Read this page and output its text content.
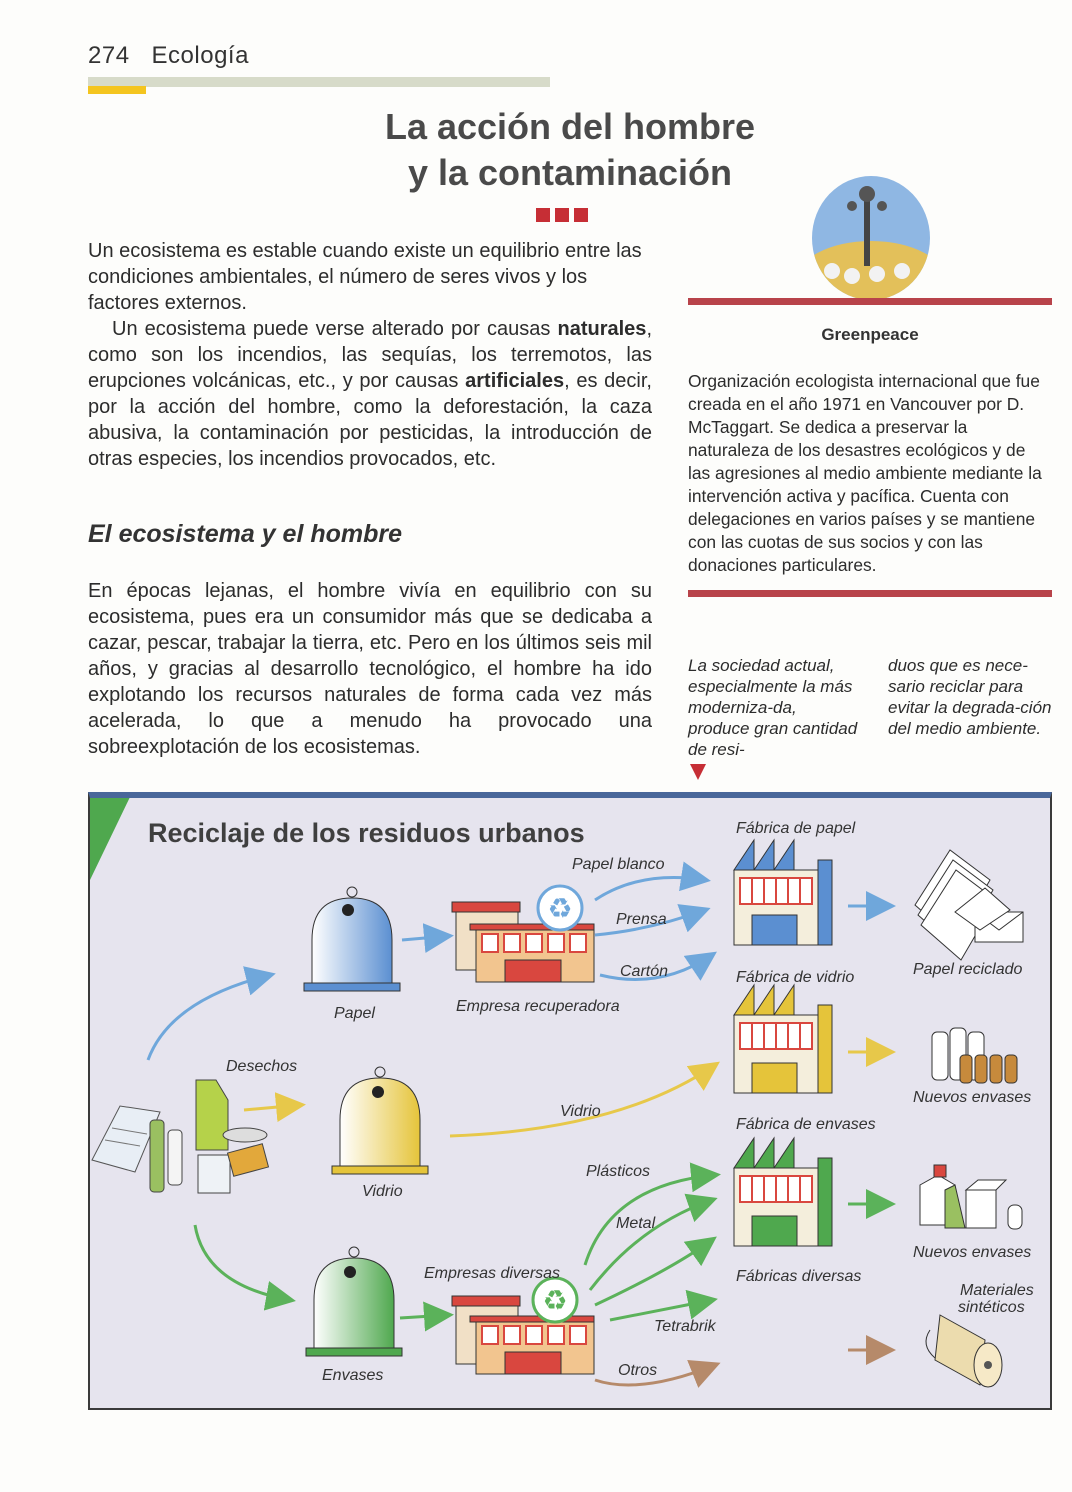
274 Ecología
La acción del hombre
y la contaminación

Un ecosistema es estable cuando existe un equilibrio entre las condiciones ambientales, el número de seres vivos y los factores externos.

Un ecosistema puede verse alterado por causas naturales, como son los incendios, las sequías, los terremotos, las erupciones volcánicas, etc., y por causas artificiales, es decir, por la acción del hombre, como la deforestación, la caza abusiva, la contaminación por pesticidas, la introducción de otras especies, los incendios provocados, etc.

El ecosistema y el hombre

En épocas lejanas, el hombre vivía en equilibrio con su ecosistema, pues era un consumidor más que se dedicaba a cazar, pescar, trabajar la tierra, etc. Pero en los últimos seis mil años, y gracias al desarrollo tecnológico, el hombre ha ido explotando los recursos naturales de forma cada vez más acelerada, lo que a menudo ha provocado una sobreexplotación de los ecosistemas.

Greenpeace
Organización ecologista internacional que fue creada en el año 1971 en Vancouver por D. McTaggart. Se dedica a preservar la naturaleza de los desastres ecológicos y de las agresiones al medio ambiente mediante la intervención activa y pacífica. Cuenta con delegaciones en varios países y se mantiene con las cuotas de sus socios y con las donaciones particulares.
La sociedad actual, especialmente la más moderniza-da, produce gran cantidad de resi-
duos que es nece-sario reciclar para evitar la degrada-ción del medio ambiente.
♻
♻
Reciclaje de los residuos urbanos
Desechos
Papel
Vidrio
Envases
Empresa recuperadora
Empresas diversas
Papel blanco
Prensa
Cartón
Vidrio
Plásticos
Metal
Tetrabrik
Otros
Fábrica de papel
Fábrica de vidrio
Fábrica de envases
Fábricas diversas
Papel reciclado
Nuevos envases
Nuevos envases
Materiales
sintéticos
